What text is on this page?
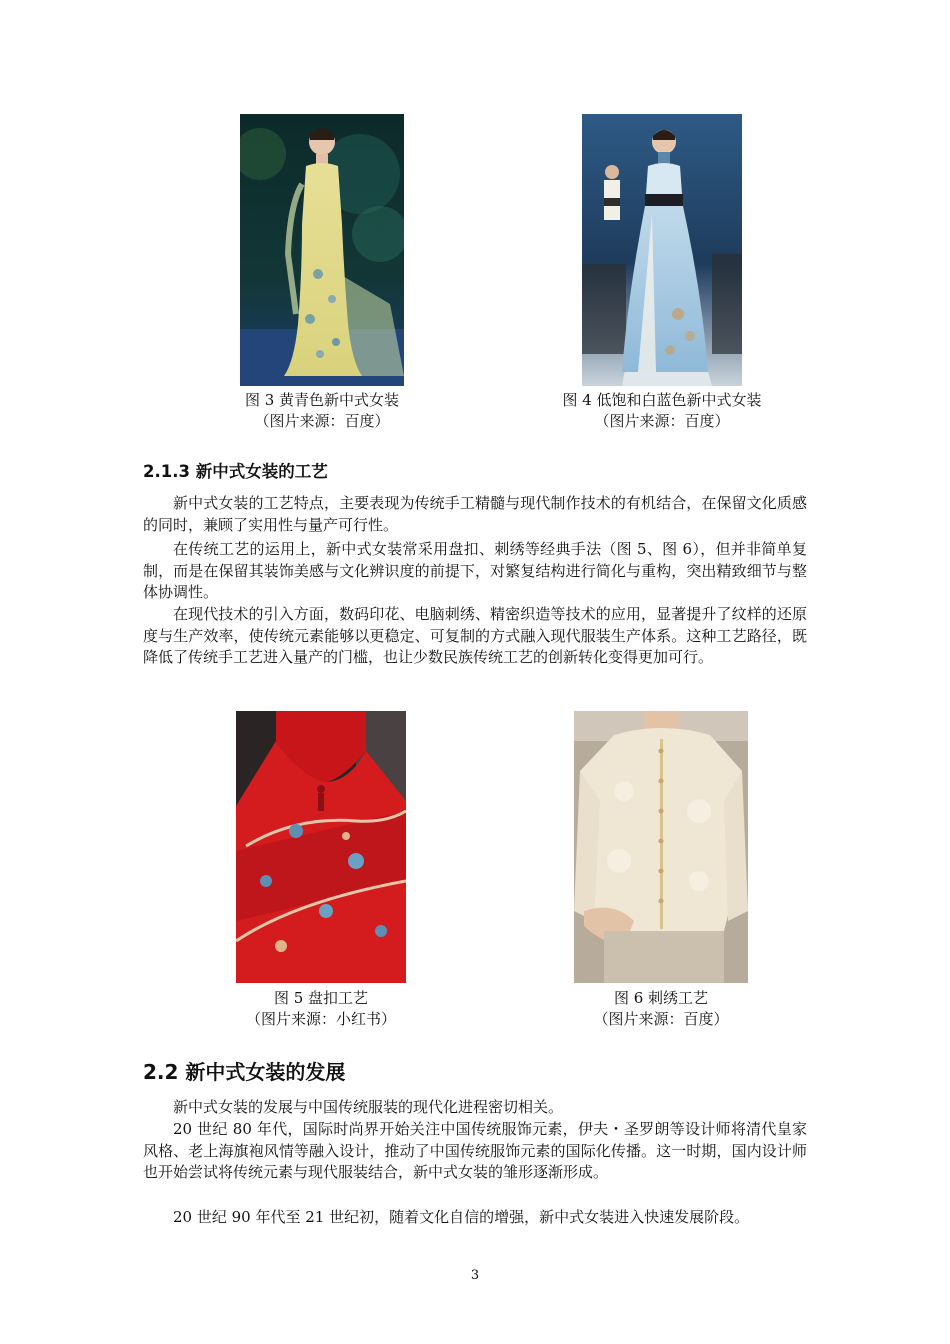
图 3 黄青色新中式女装
（图片来源：百度）
图 4 低饱和白蓝色新中式女装
（图片来源：百度）
2.1.3 新中式女装的工艺

新中式女装的工艺特点，主要表现为传统手工精髓与现代制作技术的有机结合，在保留文化质感的同时，兼顾了实用性与量产可行性。

在传统工艺的运用上，新中式女装常采用盘扣、刺绣等经典手法（图 5、图 6），但并非简单复制，而是在保留其装饰美感与文化辨识度的前提下，对繁复结构进行简化与重构，突出精致细节与整体协调性。

在现代技术的引入方面，数码印花、电脑刺绣、精密织造等技术的应用，显著提升了纹样的还原度与生产效率，使传统元素能够以更稳定、可复制的方式融入现代服装生产体系。这种工艺路径，既降低了传统手工艺进入量产的门槛，也让少数民族传统工艺的创新转化变得更加可行。

图 5 盘扣工艺
（图片来源：小红书）
图 6 刺绣工艺
（图片来源：百度）
2.2 新中式女装的发展

新中式女装的发展与中国传统服装的现代化进程密切相关。

20 世纪 80 年代，国际时尚界开始关注中国传统服饰元素，伊夫・圣罗朗等设计师将清代皇家风格、老上海旗袍风情等融入设计，推动了中国传统服饰元素的国际化传播。这一时期，国内设计师也开始尝试将传统元素与现代服装结合，新中式女装的雏形逐渐形成。

20 世纪 90 年代至 21 世纪初，随着文化自信的增强，新中式女装进入快速发展阶段。

3
